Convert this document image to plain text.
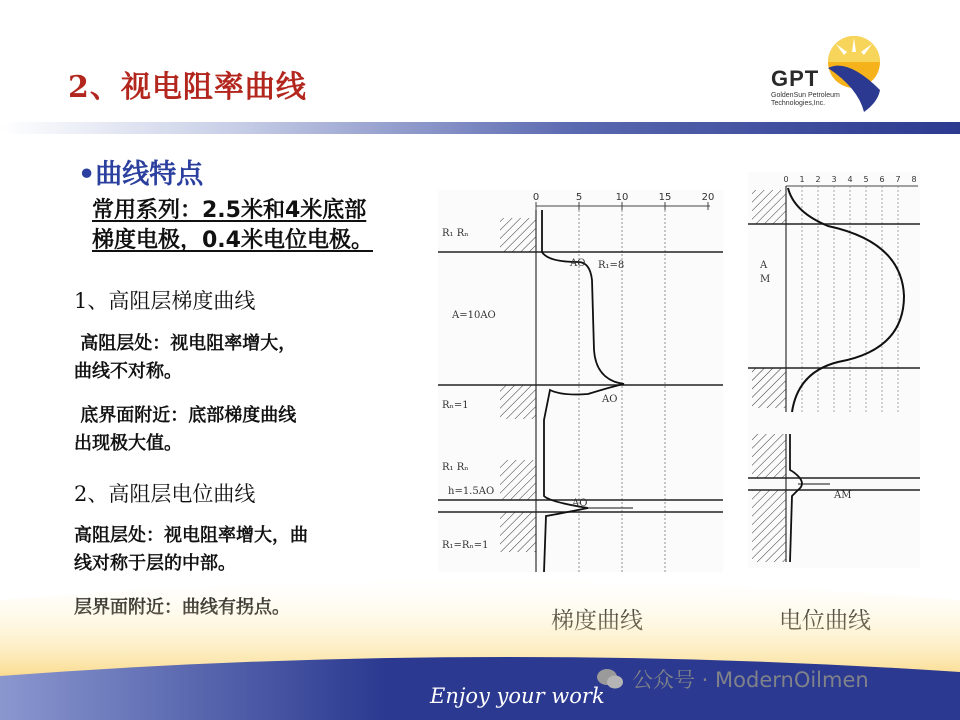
2、视电阻率曲线	GPT
GoldenSun Petroleum Technologies,Inc.
•曲线特点
常用系列：2.5米和4米底部
梯度电极，0.4米电位电极。
1、高阻层梯度曲线
高阻层处：视电阻率增大，
曲线不对称。
底界面附近：底部梯度曲线
出现极大值。
2、高阻层电位曲线
高阻层处：视电阻率增大，曲
线对称于层的中部。
0	5	10	15	20
R₁ Rₙ
AO R₁=8
A=10AO
Rₙ=1
AO
R₁ Rₙ
h=1.5AO
AO
R₁=Rₙ=1
0 1 2 3 4 5 6 7 8
A
M
AM
Enjoy your work
公众号 · ModernOilmen
